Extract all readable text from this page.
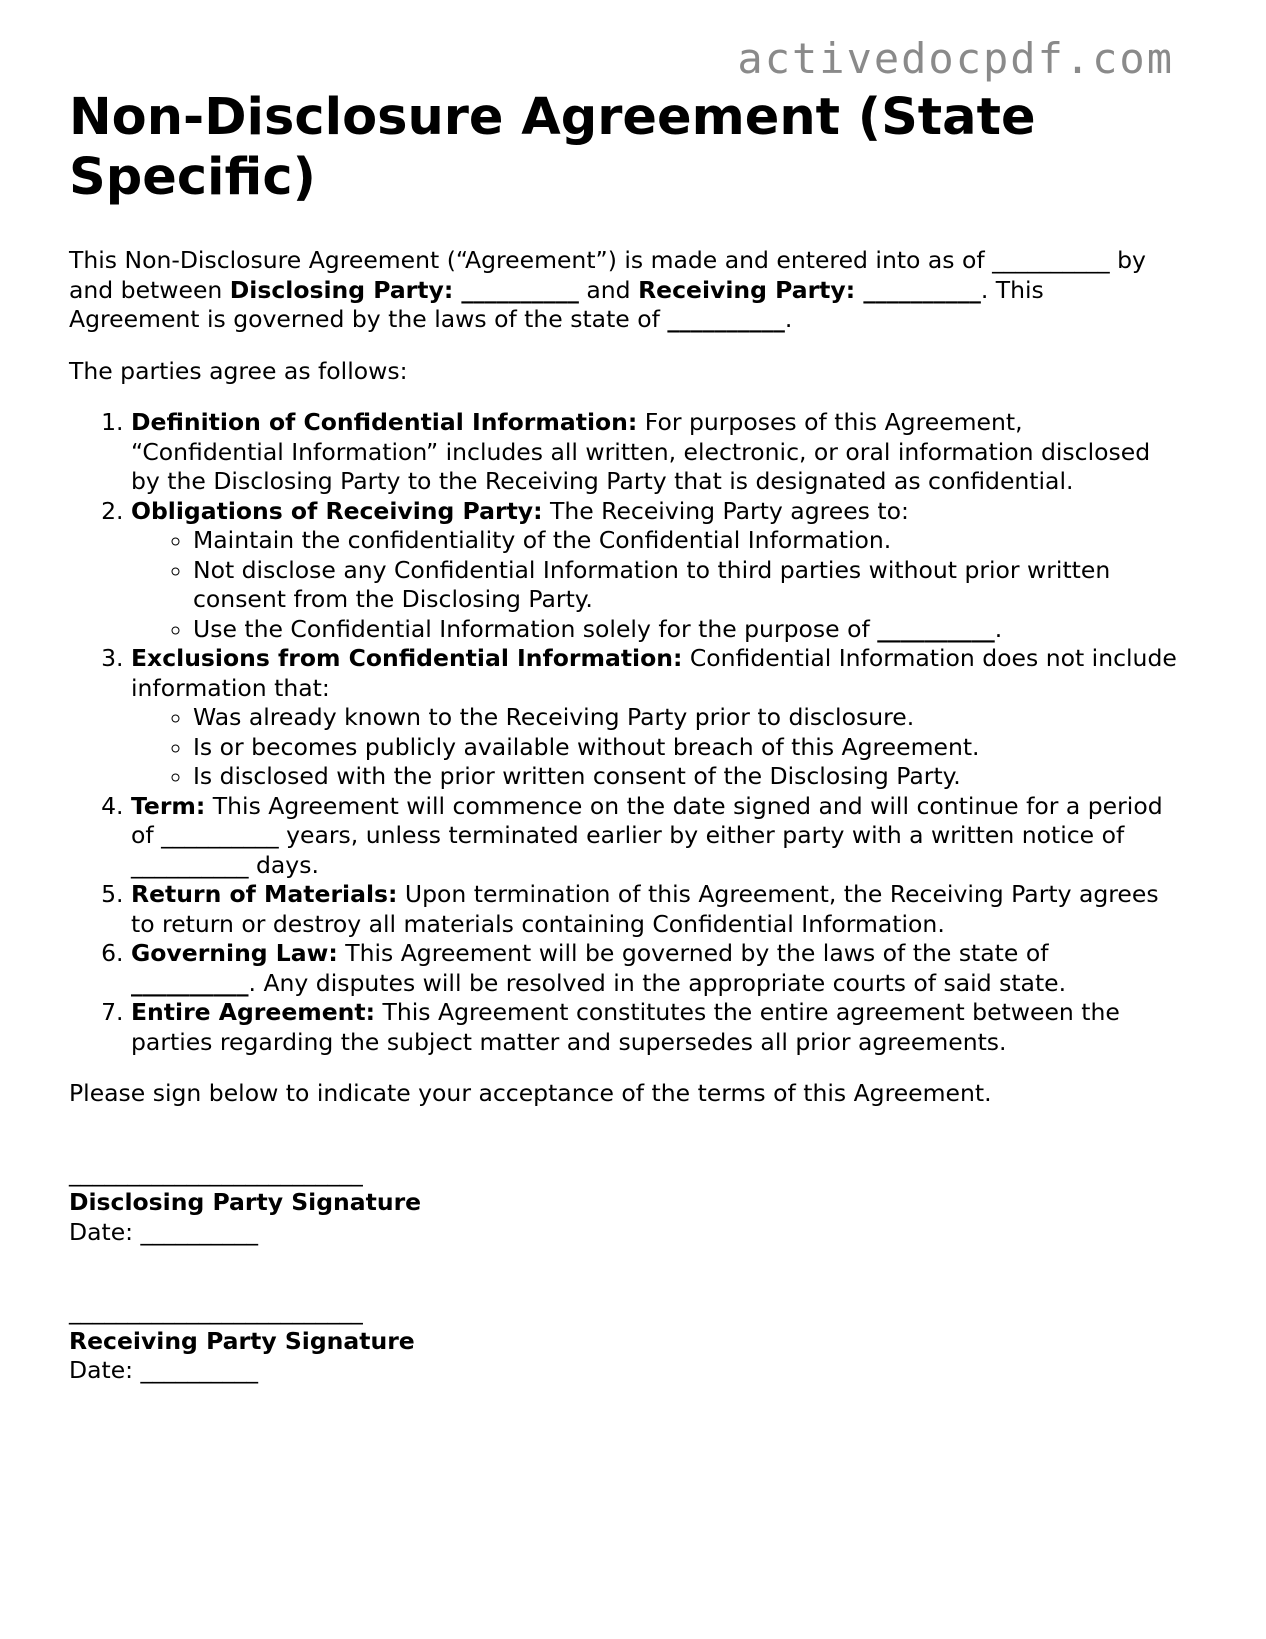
activedocpdf.com
Non-Disclosure Agreement (State Specific)

This Non-Disclosure Agreement (“Agreement”) is made and entered into as of __________ by and between Disclosing Party: __________ and Receiving Party: __________. This Agreement is governed by the laws of the state of __________.

The parties agree as follows:

1. Definition of Confidential Information: For purposes of this Agreement, “Confidential Information” includes all written, electronic, or oral information disclosed by the Disclosing Party to the Receiving Party that is designated as confidential.
2. Obligations of Receiving Party: The Receiving Party agrees to:
◦ Maintain the confidentiality of the Confidential Information.
◦ Not disclose any Confidential Information to third parties without prior written consent from the Disclosing Party.
◦ Use the Confidential Information solely for the purpose of __________.
3. Exclusions from Confidential Information: Confidential Information does not include information that:
◦ Was already known to the Receiving Party prior to disclosure.
◦ Is or becomes publicly available without breach of this Agreement.
◦ Is disclosed with the prior written consent of the Disclosing Party.
4. Term: This Agreement will commence on the date signed and will continue for a period of __________ years, unless terminated earlier by either party with a written notice of __________ days.
5. Return of Materials: Upon termination of this Agreement, the Receiving Party agrees to return or destroy all materials containing Confidential Information.
6. Governing Law: This Agreement will be governed by the laws of the state of __________. Any disputes will be resolved in the appropriate courts of said state.
7. Entire Agreement: This Agreement constitutes the entire agreement between the parties regarding the subject matter and supersedes all prior agreements.

Please sign below to indicate your acceptance of the terms of this Agreement.

_________________________
Disclosing Party Signature
Date: __________
_________________________
Receiving Party Signature
Date: __________
